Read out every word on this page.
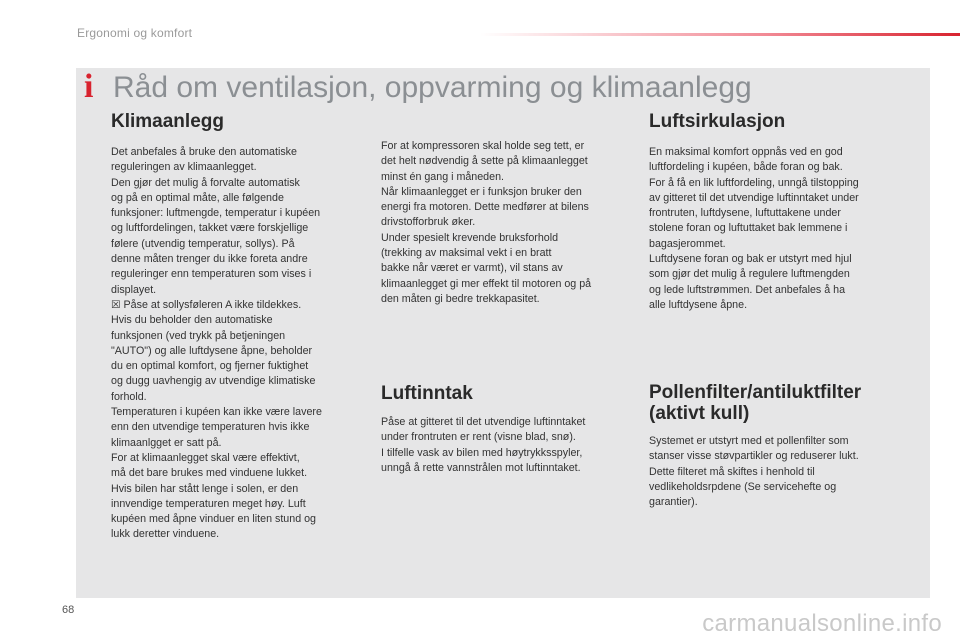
Ergonomi og komfort
i Råd om ventilasjon, oppvarming og klimaanlegg
Klimaanlegg

Det anbefales å bruke den automatiske
reguleringen av klimaanlegget.
Den gjør det mulig å forvalte automatisk
og på en optimal måte, alle følgende
funksjoner: luftmengde, temperatur i kupéen
og luftfordelingen, takket være forskjellige
følere (utvendig temperatur, sollys). På
denne måten trenger du ikke foreta andre
reguleringer enn temperaturen som vises i
displayet.
☒ Påse at sollysføleren A ikke tildekkes.
Hvis du beholder den automatiske
funksjonen (ved trykk på betjeningen
"AUTO") og alle luftdysene åpne, beholder
du en optimal komfort, og fjerner fuktighet
og dugg uavhengig av utvendige klimatiske
forhold.
Temperaturen i kupéen kan ikke være lavere
enn den utvendige temperaturen hvis ikke
klimaanlgget er satt på.
For at klimaanlegget skal være effektivt,
må det bare brukes med vinduene lukket.
Hvis bilen har stått lenge i solen, er den
innvendige temperaturen meget høy. Luft
kupéen med åpne vinduer en liten stund og
lukk deretter vinduene.

For at kompressoren skal holde seg tett, er
det helt nødvendig å sette på klimaanlegget
minst én gang i måneden.
Når klimaanlegget er i funksjon bruker den
energi fra motoren. Dette medfører at bilens
drivstofforbruk øker.
Under spesielt krevende bruksforhold
(trekking av maksimal vekt i en bratt
bakke når været er varmt), vil stans av
klimaanlegget gi mer effekt til motoren og på
den måten gi bedre trekkapasitet.

Luftinntak

Påse at gitteret til det utvendige luftinntaket
under frontruten er rent (visne blad, snø).
I tilfelle vask av bilen med høytrykksspyler,
unngå å rette vannstrålen mot luftinntaket.

Luftsirkulasjon

En maksimal komfort oppnås ved en god
luftfordeling i kupéen, både foran og bak.
For å få en lik luftfordeling, unngå tilstopping
av gitteret til det utvendige luftinntaket under
frontruten, luftdysene, luftuttakene under
stolene foran og luftuttaket bak lemmene i
bagasjerommet.
Luftdysene foran og bak er utstyrt med hjul
som gjør det mulig å regulere luftmengden
og lede luftstrømmen. Det anbefales å ha
alle luftdysene åpne.

Pollenfilter/antiluktfilter
(aktivt kull)

Systemet er utstyrt med et pollenfilter som
stanser visse støvpartikler og reduserer lukt.
Dette filteret må skiftes i henhold til
vedlikeholdsrpdene (Se servicehefte og
garantier).

68	carmanualsonline.info
